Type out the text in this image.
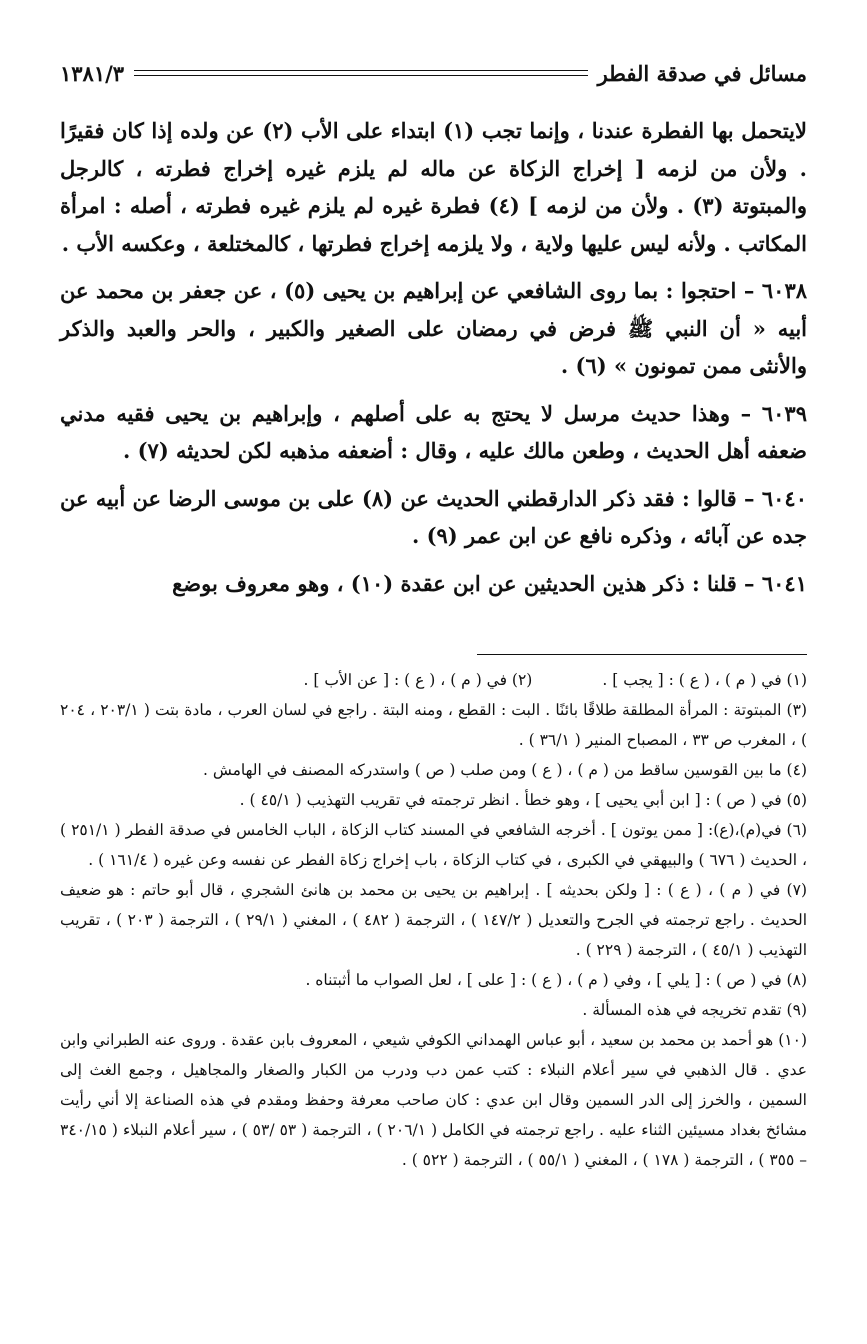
مسائل في صدقة الفطر
١٣٨١/٣

لايتحمل بها الفطرة عندنا ، وإنما تجب (١) ابتداء على الأب (٢) عن ولده إذا كان فقيرًا . ولأن من لزمه [ إخراج الزكاة عن ماله لم يلزم غيره إخراج فطرته ، كالرجل والمبتوتة (٣) . ولأن من لزمه ] (٤) فطرة غيره لم يلزم غيره فطرته ، أصله : امرأة المكاتب . ولأنه ليس عليها ولاية ، ولا يلزمه إخراج فطرتها ، كالمختلعة ، وعكسه الأب .

٦٠٣٨ – احتجوا : بما روى الشافعي عن إبراهيم بن يحيى (٥) ، عن جعفر بن محمد عن أبيه « أن النبي ﷺ فرض في رمضان على الصغير والكبير ، والحر والعبد والذكر والأنثى ممن تمونون » (٦) .

٦٠٣٩ – وهذا حديث مرسل لا يحتج به على أصلهم ، وإبراهيم بن يحيى فقيه مدني ضعفه أهل الحديث ، وطعن مالك عليه ، وقال : أضعفه مذهبه لكن لحديثه (٧) .

٦٠٤٠ – قالوا : فقد ذكر الدارقطني الحديث عن (٨) على بن موسى الرضا عن أبيه عن جده عن آبائه ، وذكره نافع عن ابن عمر (٩) .

٦٠٤١ – قلنا : ذكر هذين الحديثين عن ابن عقدة (١٠) ، وهو معروف بوضع

(١) في ( م ) ، ( ع ) : [ يجب ] .
(٢) في ( م ) ، ( ع ) : [ عن الأب ] .

(٣) المبتوتة : المرأة المطلقة طلاقًا بائنًا . البت : القطع ، ومنه البتة . راجع في لسان العرب ، مادة بتت ( ٢٠٣/١ ، ٢٠٤ ) ، المغرب ص ٣٣ ، المصباح المنير ( ٣٦/١ ) .

(٤) ما بين القوسين ساقط من ( م ) ، ( ع ) ومن صلب ( ص ) واستدركه المصنف في الهامش .

(٥) في ( ص ) : [ ابن أبي يحيى ] ، وهو خطأ . انظر ترجمته في تقريب التهذيب ( ٤٥/١ ) .

(٦) في(م)،(ع): [ ممن يوتون ] . أخرجه الشافعي في المسند كتاب الزكاة ، الباب الخامس في صدقة الفطر ( ٢٥١/١ ) ، الحديث ( ٦٧٦ ) والبيهقي في الكبرى ، في كتاب الزكاة ، باب إخراج زكاة الفطر عن نفسه وعن غيره ( ١٦١/٤ ) .

(٧) في ( م ) ، ( ع ) : [ ولكن بحديثه ] . إبراهيم بن يحيى بن محمد بن هانئ الشجري ، قال أبو حاتم : هو ضعيف الحديث . راجع ترجمته في الجرح والتعديل ( ١٤٧/٢ ) ، الترجمة ( ٤٨٢ ) ، المغني ( ٢٩/١ ) ، الترجمة ( ٢٠٣ ) ، تقريب التهذيب ( ٤٥/١ ) ، الترجمة ( ٢٢٩ ) .

(٨) في ( ص ) : [ يلي ] ، وفي ( م ) ، ( ع ) : [ على ] ، لعل الصواب ما أثبتناه .

(٩) تقدم تخريجه في هذه المسألة .

(١٠) هو أحمد بن محمد بن سعيد ، أبو عباس الهمداني الكوفي شيعي ، المعروف بابن عقدة . وروى عنه الطبراني وابن عدي . قال الذهبي في سير أعلام النبلاء : كتب عمن دب ودرب من الكبار والصغار والمجاهيل ، وجمع الغث إلى السمين ، والخرز إلى الدر السمين وقال ابن عدي : كان صاحب معرفة وحفظ ومقدم في هذه الصناعة إلا أني رأيت مشائخ بغداد مسيئين الثناء عليه . راجع ترجمته في الكامل ( ٢٠٦/١ ) ، الترجمة ( ٥٣ /٥٣ ) ، سير أعلام النبلاء ( ٣٤٠/١٥ – ٣٥٥ ) ، الترجمة ( ١٧٨ ) ، المغني ( ٥٥/١ ) ، الترجمة ( ٥٢٢ ) .
